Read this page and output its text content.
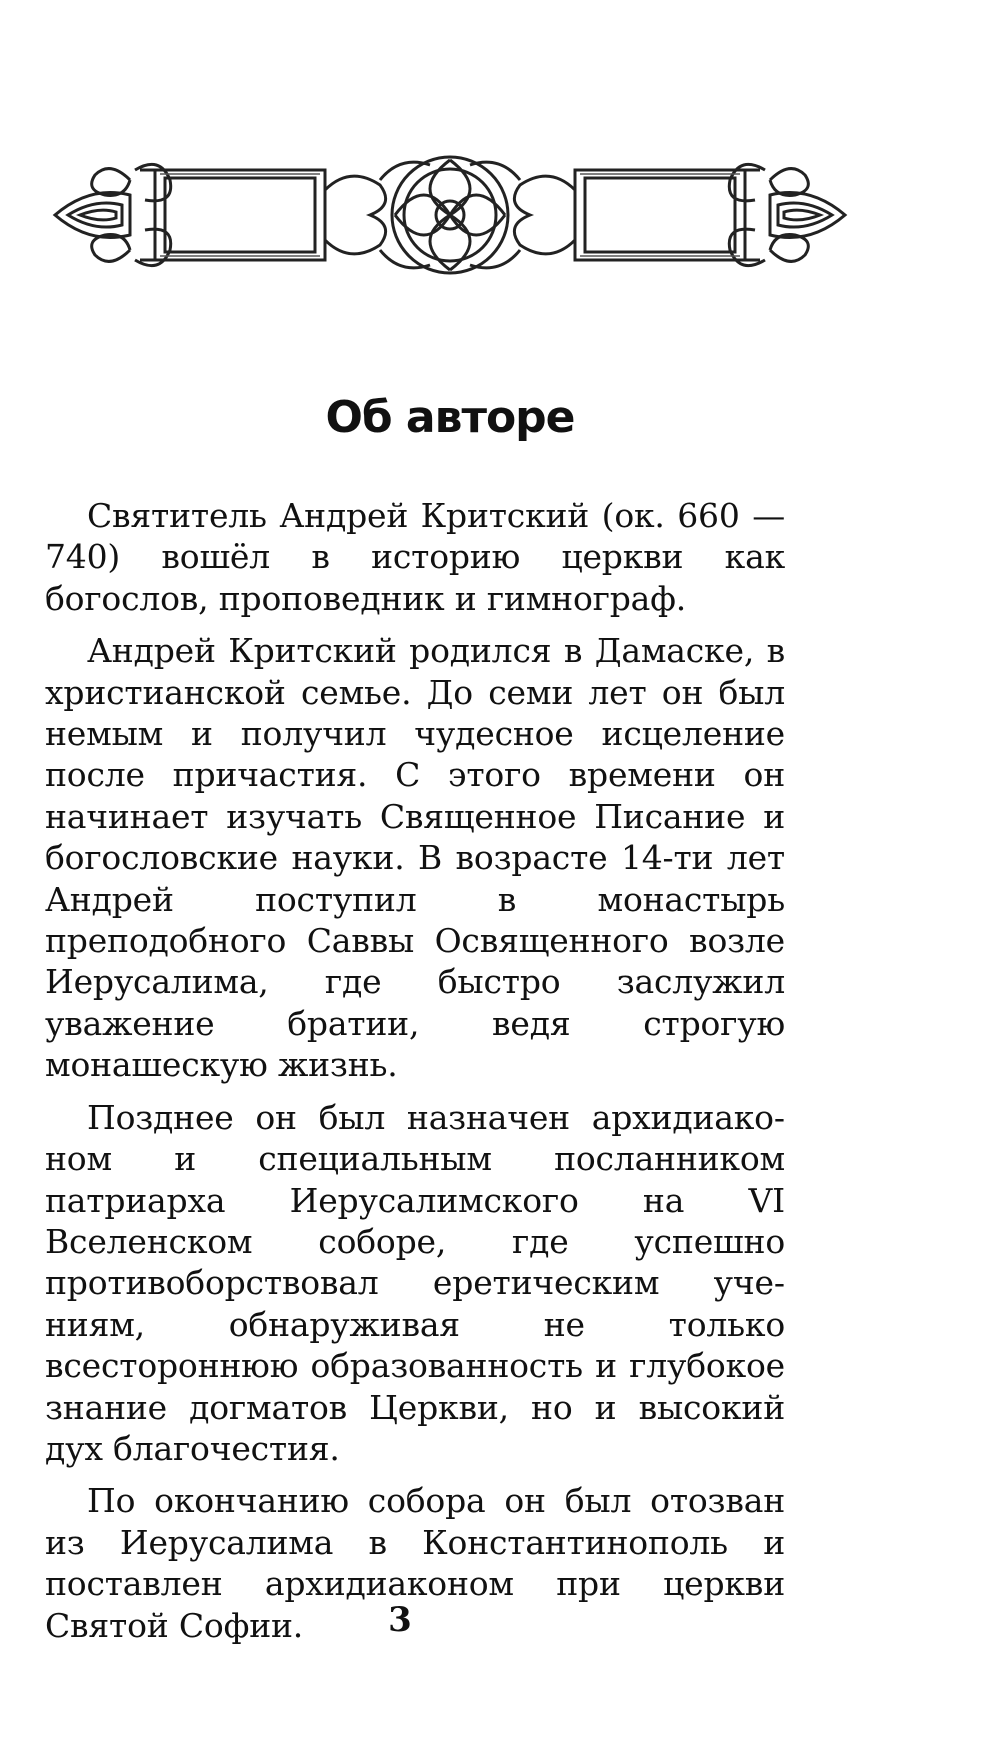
Об авторе

Святитель Андрей Критский (ок. 660 — 740) вошёл в историю церкви как богослов, проповедник и гимнограф.

Андрей Критский родился в Дамаске, в христианской семье. До семи лет он был немым и получил чудесное исцеление после причастия. С этого времени он начинает изучать Священное Писание и богословские науки. В возрасте 14-ти лет Андрей поступил в монастырь преподобного Саввы Освященного возле Иерусалима, где быстро заслужил уважение братии, ведя строгую монашескую жизнь.

Позднее он был назначен архидиаконом и специальным посланником патриарха Иерусалимского на VI Вселенском соборе, где успешно противоборствовал еретическим учениям, обнаруживая не только всестороннюю образованность и глубокое знание догматов Церкви, но и высокий дух благочестия.

По окончанию собора он был отозван из Иерусалима в Константинополь и поставлен архидиаконом при церкви Святой Софии.	3
